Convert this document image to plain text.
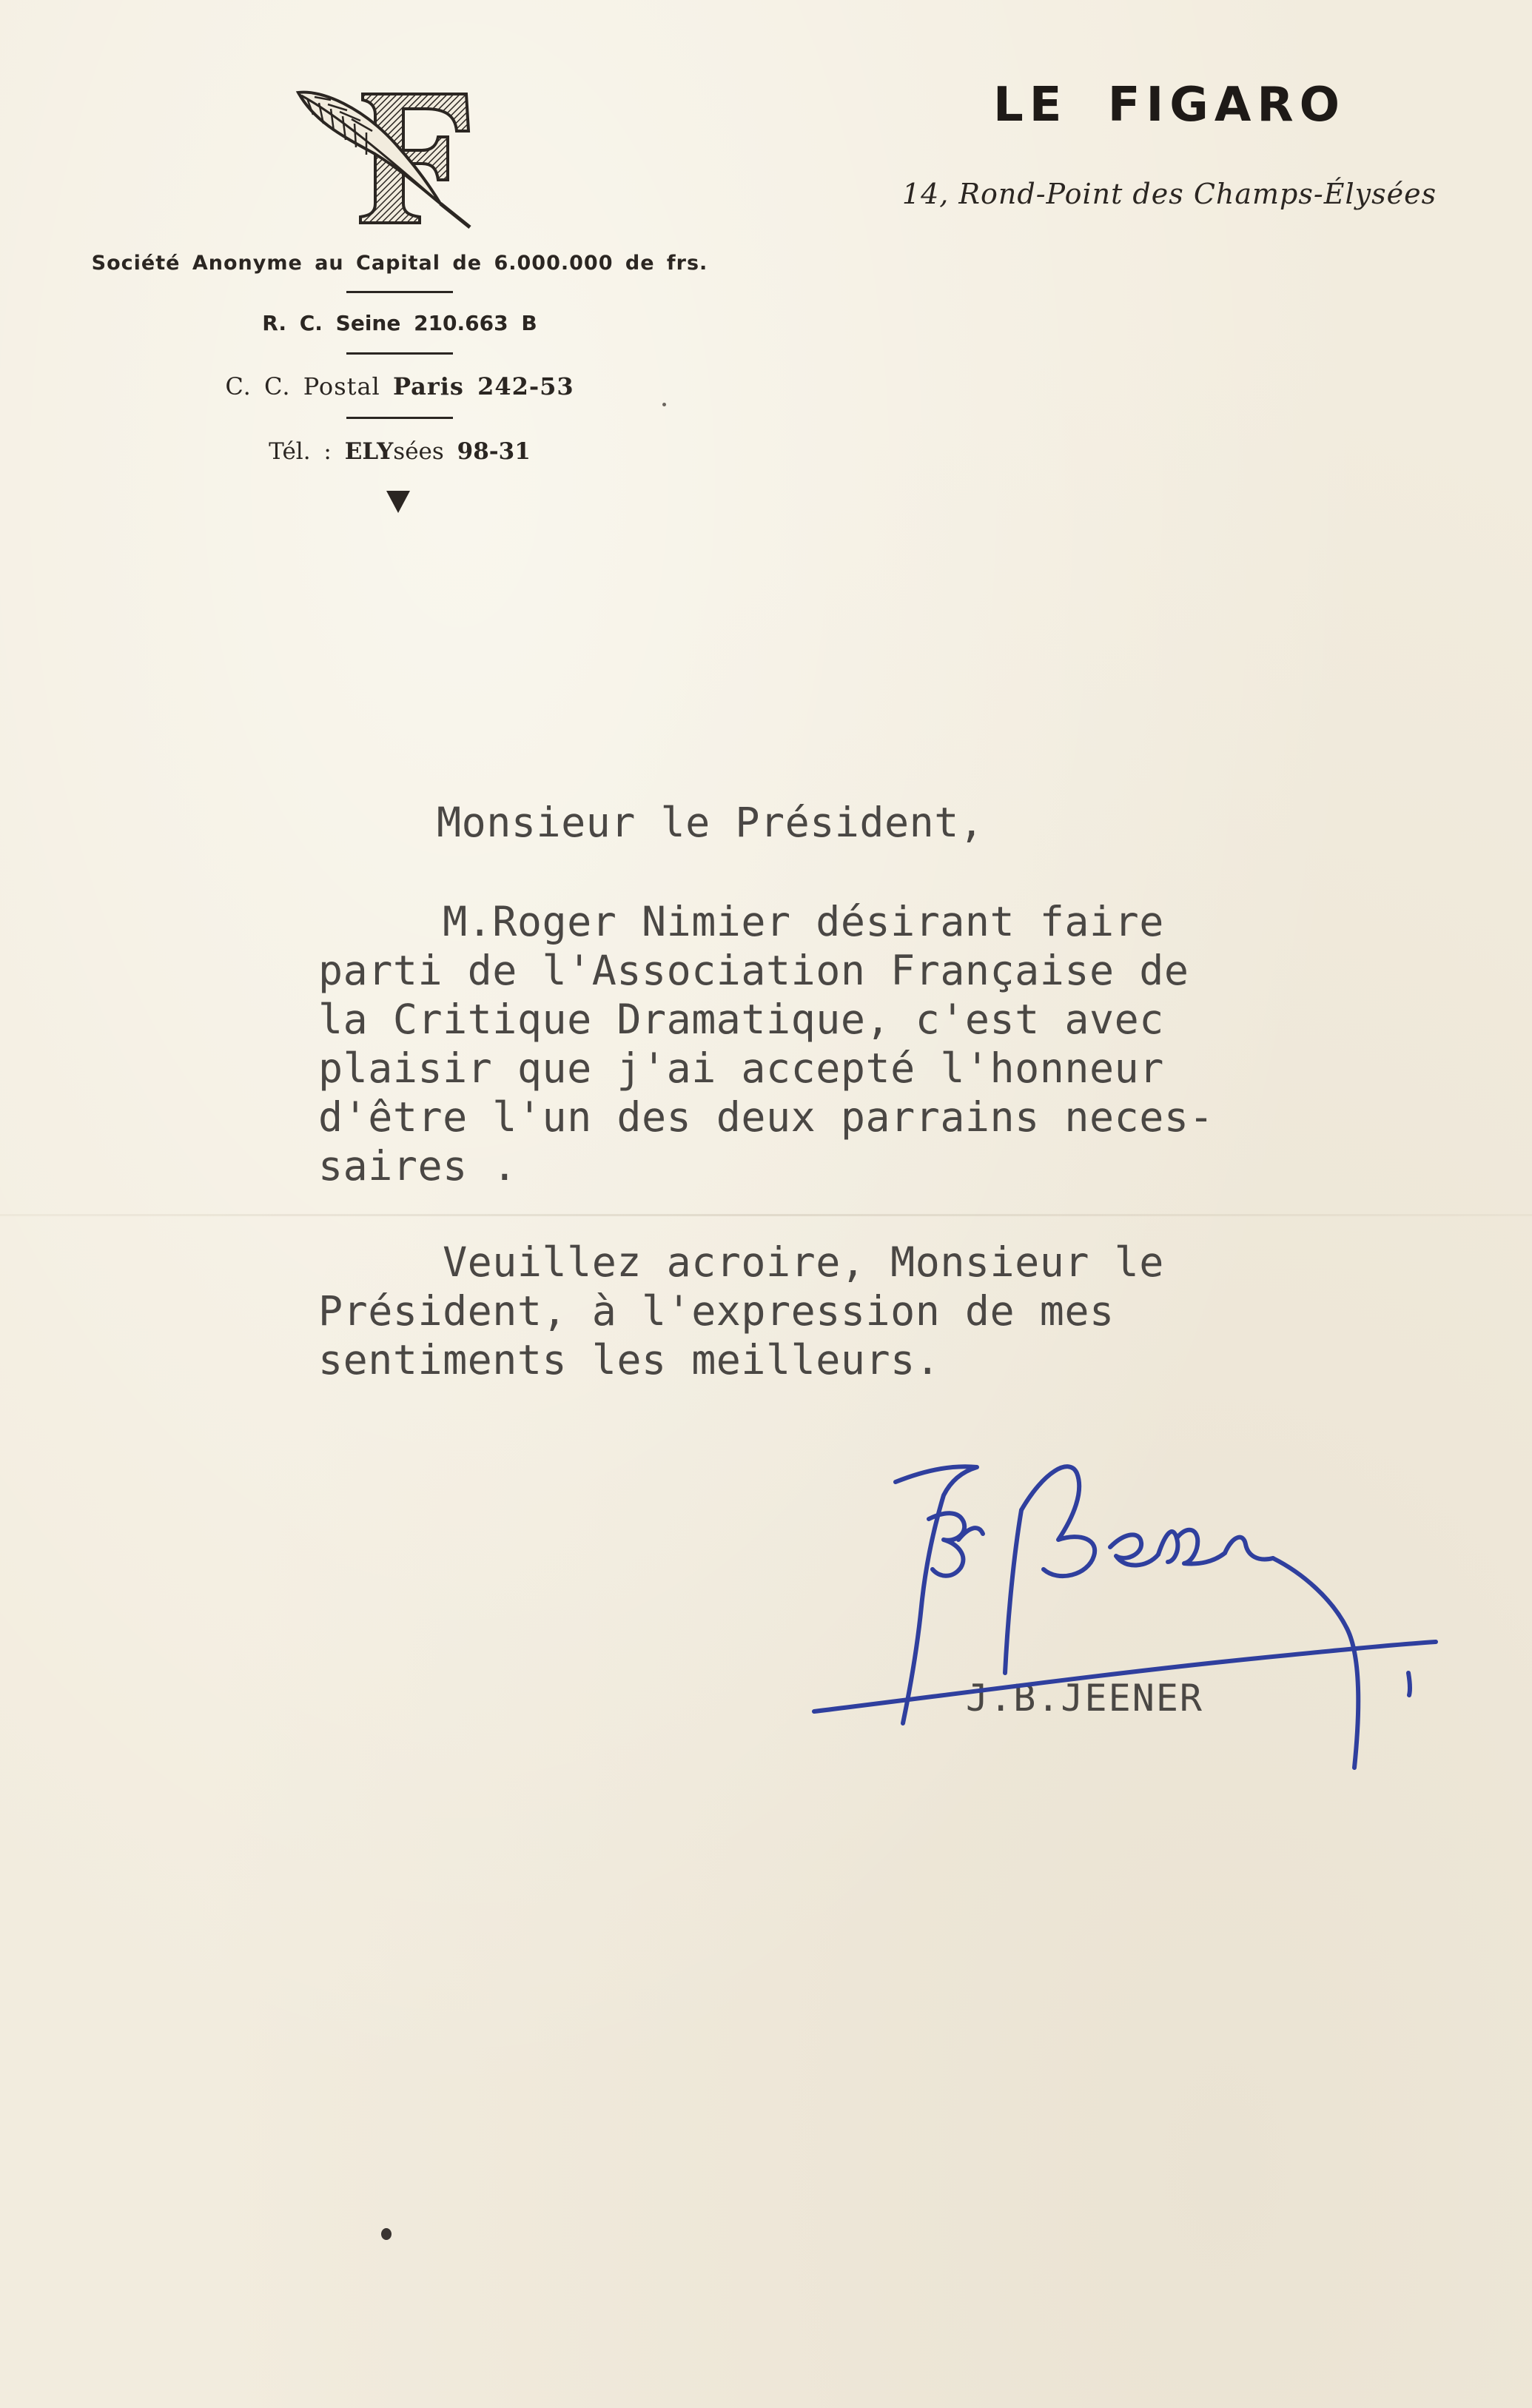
Société Anonyme au Capital de 6.000.000 de frs.
R. C. Seine 210.663 B
C. C. Postal Paris 242-53
Tél. : ELYsées 98-31
LE FIGARO
14, Rond-Point des Champs-Élysées
Monsieur le Président,
M.Roger Nimier désirant faire
parti de l'Association Française de
la Critique Dramatique, c'est avec
plaisir que j'ai accepté l'honneur
d'être l'un des deux parrains neces-
saires .
Veuillez acroire, Monsieur le
Président, à l'expression de mes
sentiments les meilleurs.
J.B.JEENER
